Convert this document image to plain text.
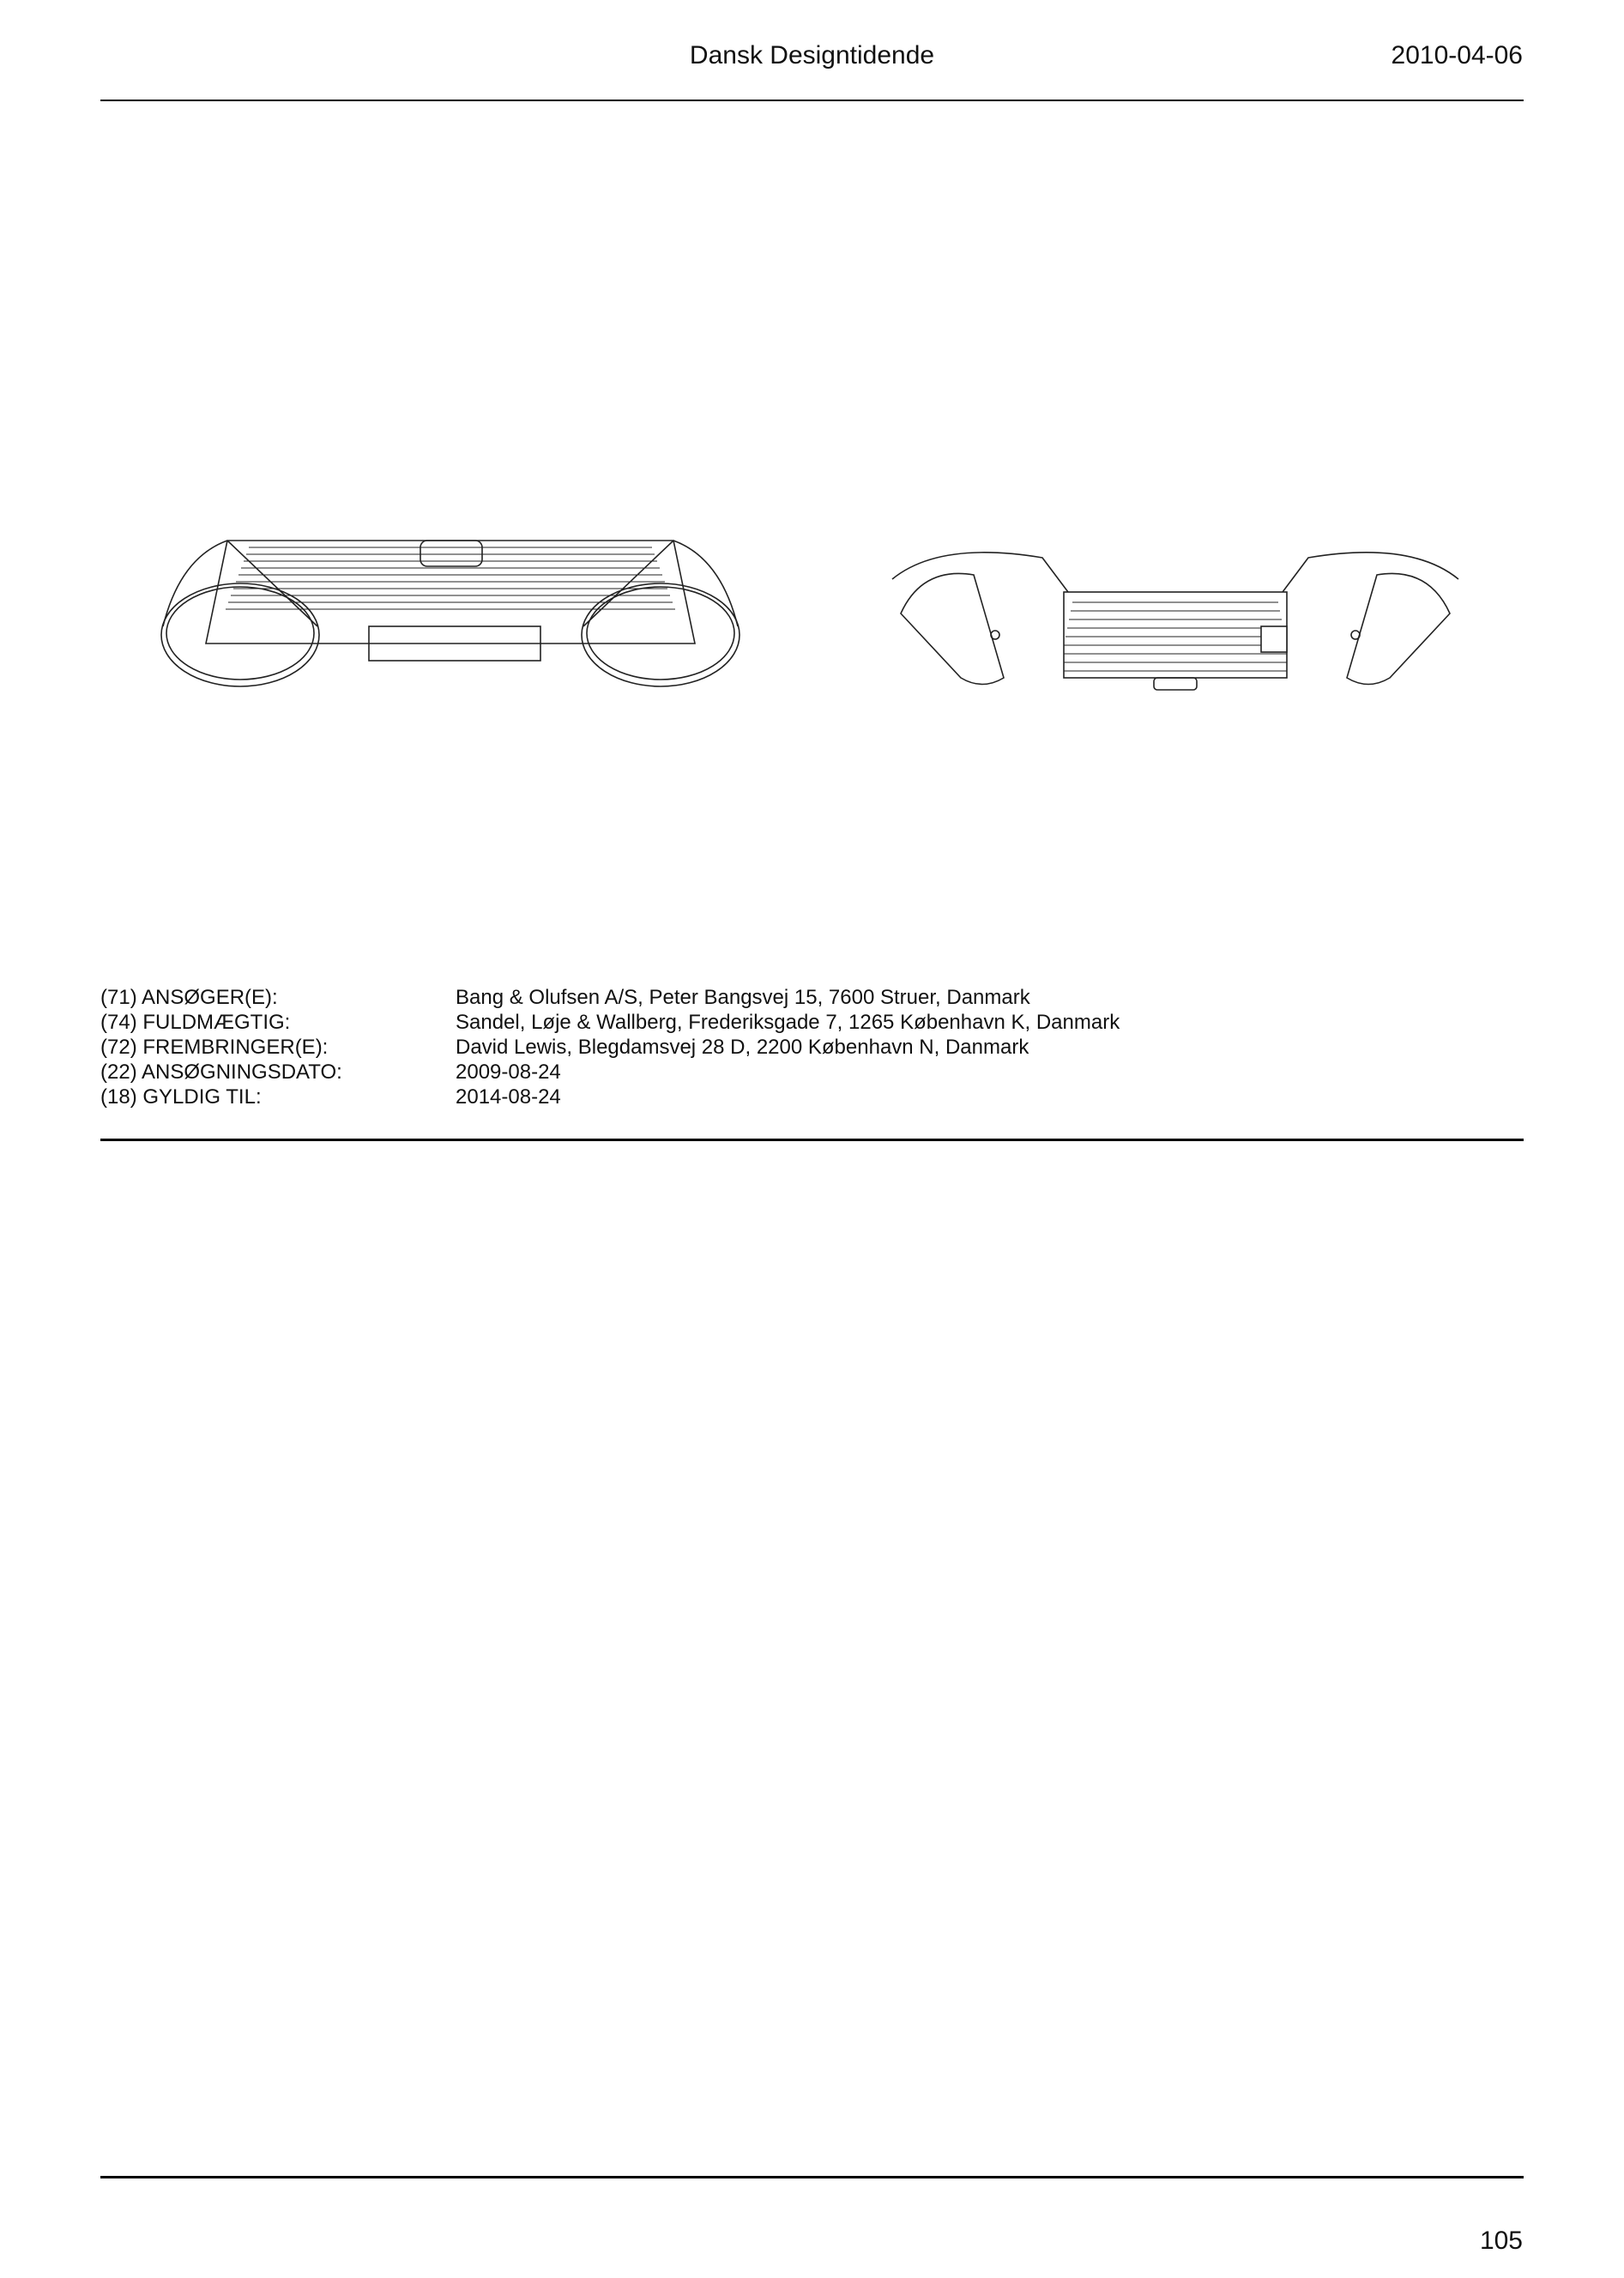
Dansk Designtidende	2010-04-06
(71) ANSØGER(E):	Bang & Olufsen A/S, Peter Bangsvej 15, 7600 Struer, Danmark
(74) FULDMÆGTIG:	Sandel, Løje & Wallberg, Frederiksgade 7, 1265 København K, Danmark
(72) FREMBRINGER(E):	David Lewis, Blegdamsvej 28 D, 2200 København N, Danmark
(22) ANSØGNINGSDATO:	2009-08-24
(18) GYLDIG TIL:	2014-08-24
105
